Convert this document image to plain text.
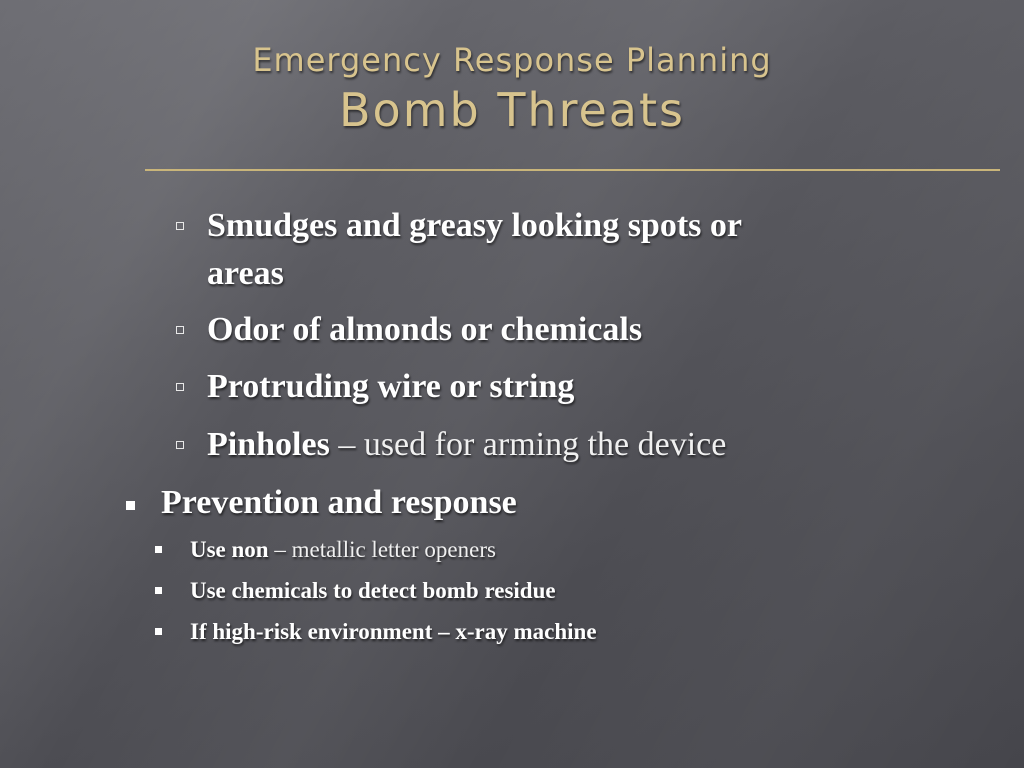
Emergency Response Planning
Bomb Threats
Smudges and greasy looking spots or
areas
Odor of almonds or chemicals
Protruding wire or string
Pinholes – used for arming the device
Prevention and response
Use non – metallic letter openers
Use chemicals to detect bomb residue
If high-risk environment – x-ray machine
